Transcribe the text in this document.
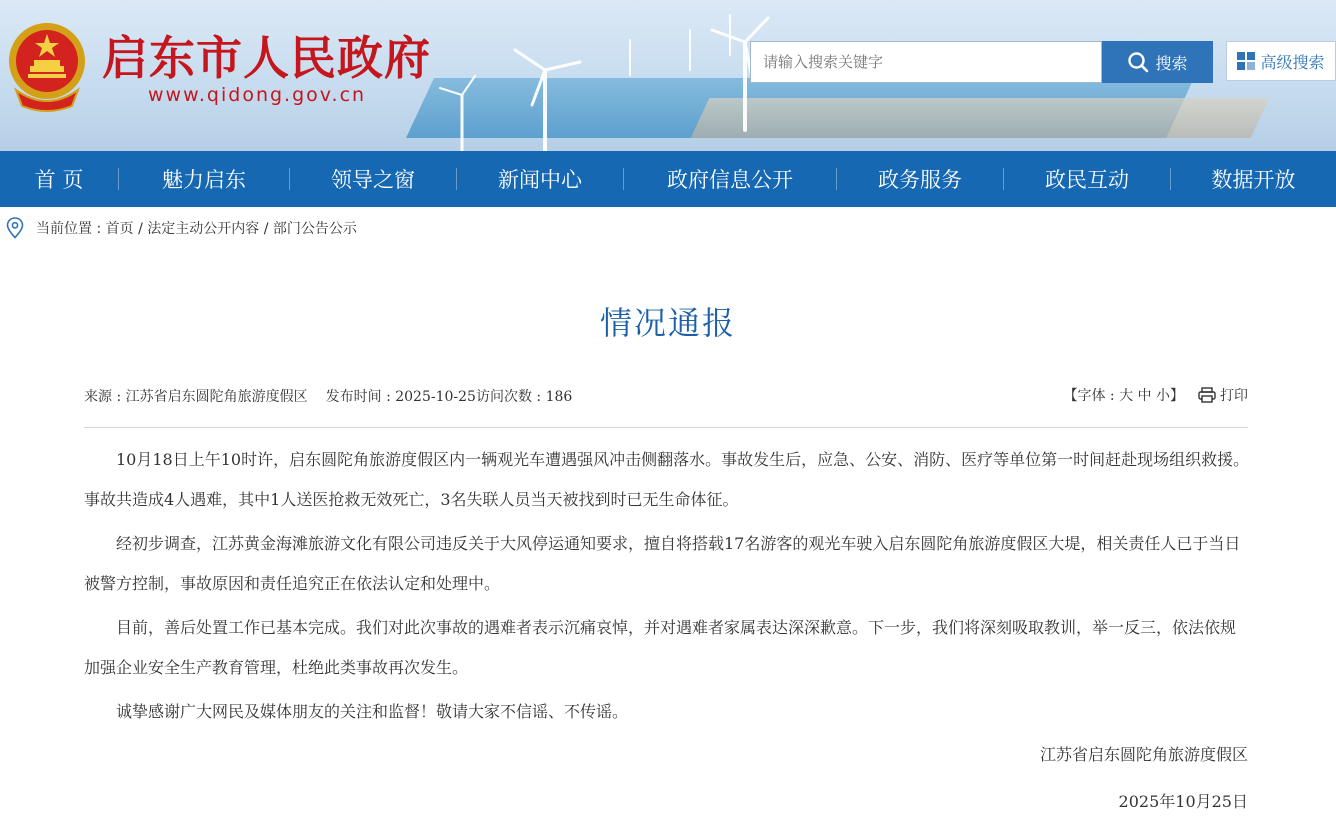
启东市人民政府
www.qidong.gov.cn
请输入搜索关键字
搜索	高级搜索
首 页	魅力启东	领导之窗	新闻中心	政府信息公开	政务服务	政民互动	数据开放
当前位置 : 首页 / 法定主动公开内容 / 部门公告公示
情况通报
来源 : 江苏省启东圆陀角旅游度假区 发布时间 : 2025-10-25 访问次数 : 186	【字体 : 大 中 小】	打印

10月18日上午10时许，启东圆陀角旅游度假区内一辆观光车遭遇强风冲击侧翻落水。事故发生后，应急、公安、消防、医疗等单位第一时间赶赴现场组织救援。事故共造成4人遇难，其中1人送医抢救无效死亡，3名失联人员当天被找到时已无生命体征。

经初步调查，江苏黄金海滩旅游文化有限公司违反关于大风停运通知要求，擅自将搭载17名游客的观光车驶入启东圆陀角旅游度假区大堤，相关责任人已于当日被警方控制，事故原因和责任追究正在依法认定和处理中。

目前，善后处置工作已基本完成。我们对此次事故的遇难者表示沉痛哀悼，并对遇难者家属表达深深歉意。下一步，我们将深刻吸取教训，举一反三，依法依规加强企业安全生产教育管理，杜绝此类事故再次发生。

诚挚感谢广大网民及媒体朋友的关注和监督！敬请大家不信谣、不传谣。

江苏省启东圆陀角旅游度假区
2025年10月25日
